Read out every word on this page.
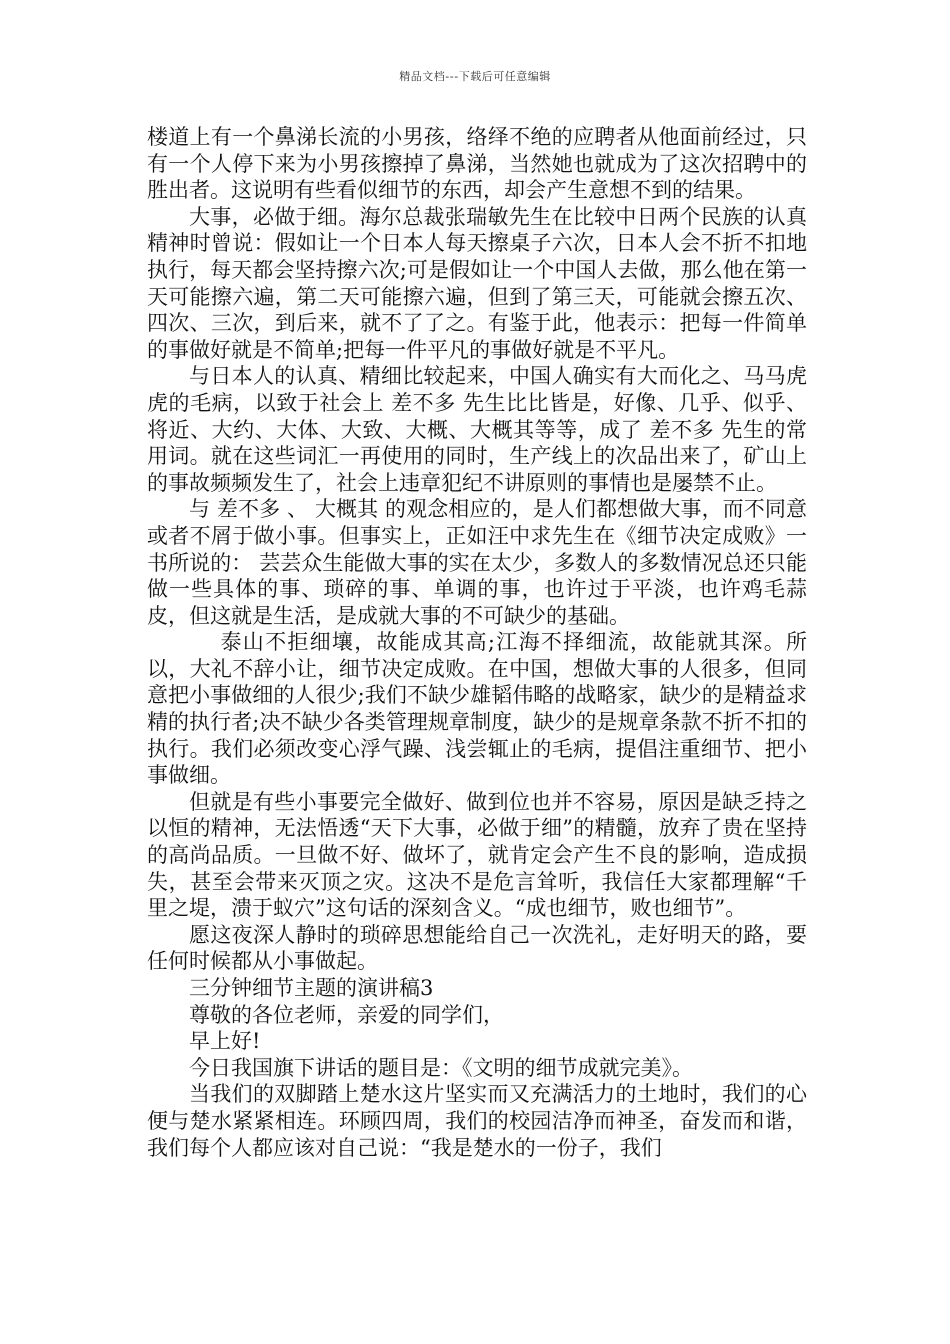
精品文档---下载后可任意编辑

楼道上有一个鼻涕长流的小男孩，络绎不绝的应聘者从他面前经过，只有一个人停下来为小男孩擦掉了鼻涕，当然她也就成为了这次招聘中的胜出者。这说明有些看似细节的东西，却会产生意想不到的结果。

大事，必做于细。海尔总裁张瑞敏先生在比较中日两个民族的认真精神时曾说：假如让一个日本人每天擦桌子六次，日本人会不折不扣地执行，每天都会坚持擦六次;可是假如让一个中国人去做，那么他在第一天可能擦六遍，第二天可能擦六遍，但到了第三天，可能就会擦五次、四次、三次，到后来，就不了了之。有鉴于此，他表示：把每一件简单的事做好就是不简单;把每一件平凡的事做好就是不平凡。

与日本人的认真、精细比较起来，中国人确实有大而化之、马马虎虎的毛病，以致于社会上 差不多 先生比比皆是，好像、几乎、似乎、将近、大约、大体、大致、大概、大概其等等，成了 差不多 先生的常用词。就在这些词汇一再使用的同时，生产线上的次品出来了，矿山上的事故频频发生了，社会上违章犯纪不讲原则的事情也是屡禁不止。

与 差不多 、 大概其 的观念相应的，是人们都想做大事，而不同意或者不屑于做小事。但事实上，正如汪中求先生在《细节决定成败》一书所说的： 芸芸众生能做大事的实在太少，多数人的多数情况总还只能做一些具体的事、琐碎的事、单调的事，也许过于平淡，也许鸡毛蒜皮，但这就是生活，是成就大事的不可缺少的基础。

泰山不拒细壤，故能成其高;江海不择细流，故能就其深。所以，大礼不辞小让，细节决定成败。在中国，想做大事的人很多，但同意把小事做细的人很少;我们不缺少雄韬伟略的战略家，缺少的是精益求精的执行者;决不缺少各类管理规章制度，缺少的是规章条款不折不扣的执行。我们必须改变心浮气躁、浅尝辄止的毛病，提倡注重细节、把小事做细。

但就是有些小事要完全做好、做到位也并不容易，原因是缺乏持之以恒的精神，无法悟透“天下大事，必做于细”的精髓，放弃了贵在坚持的高尚品质。一旦做不好、做坏了，就肯定会产生不良的影响，造成损失，甚至会带来灭顶之灾。这决不是危言耸听，我信任大家都理解“千里之堤，溃于蚁穴”这句话的深刻含义。“成也细节，败也细节”。

愿这夜深人静时的琐碎思想能给自己一次洗礼，走好明天的路，要任何时候都从小事做起。

三分钟细节主题的演讲稿3

尊敬的各位老师，亲爱的同学们，

早上好!

今日我国旗下讲话的题目是：《文明的细节成就完美》。

当我们的双脚踏上楚水这片坚实而又充满活力的土地时，我们的心便与楚水紧紧相连。环顾四周，我们的校园洁净而神圣，奋发而和谐，我们每个人都应该对自己说：“我是楚水的一份子，我们
